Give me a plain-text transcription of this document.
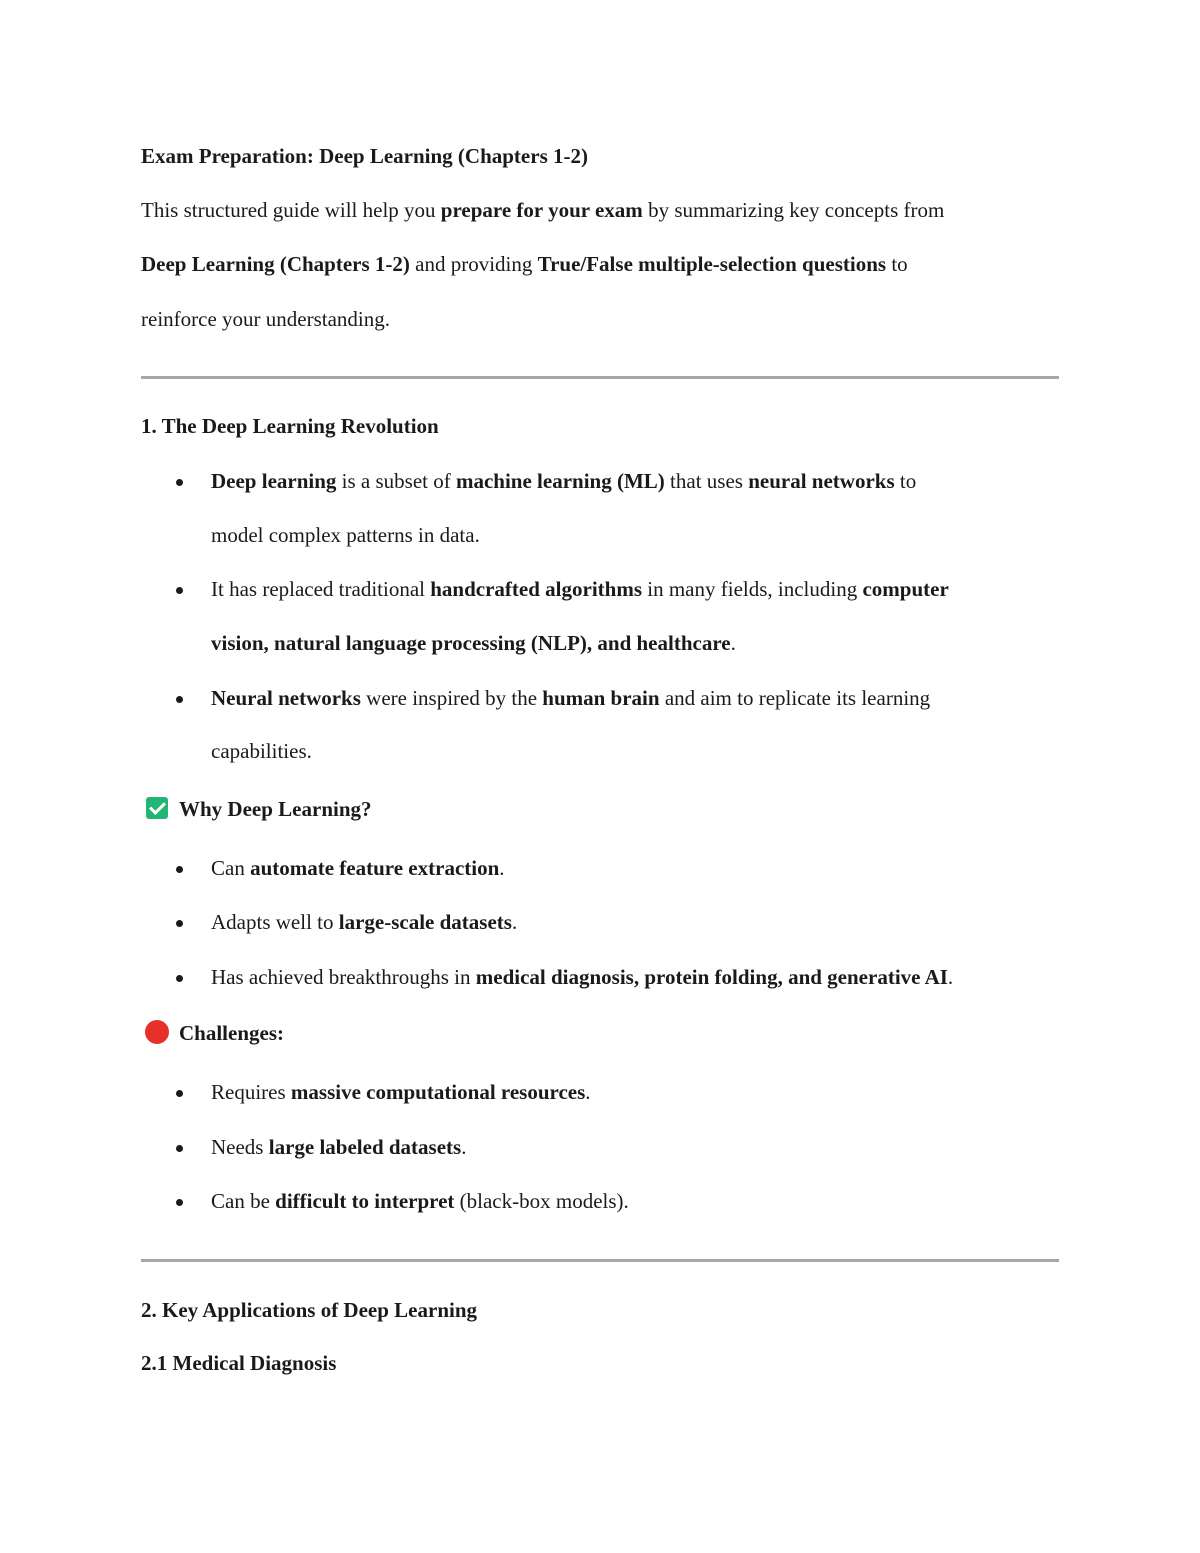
Exam Preparation: Deep Learning (Chapters 1-2)
This structured guide will help you prepare for your exam by summarizing key concepts from
Deep Learning (Chapters 1-2) and providing True/False multiple-selection questions to
reinforce your understanding.
1. The Deep Learning Revolution
Deep learning is a subset of machine learning (ML) that uses neural networks to
model complex patterns in data.
It has replaced traditional handcrafted algorithms in many fields, including computer
vision, natural language processing (NLP), and healthcare.
Neural networks were inspired by the human brain and aim to replicate its learning
capabilities.
Why Deep Learning?
Can automate feature extraction.
Adapts well to large-scale datasets.
Has achieved breakthroughs in medical diagnosis, protein folding, and generative AI.
Challenges:
Requires massive computational resources.
Needs large labeled datasets.
Can be difficult to interpret (black-box models).
2. Key Applications of Deep Learning
2.1 Medical Diagnosis
